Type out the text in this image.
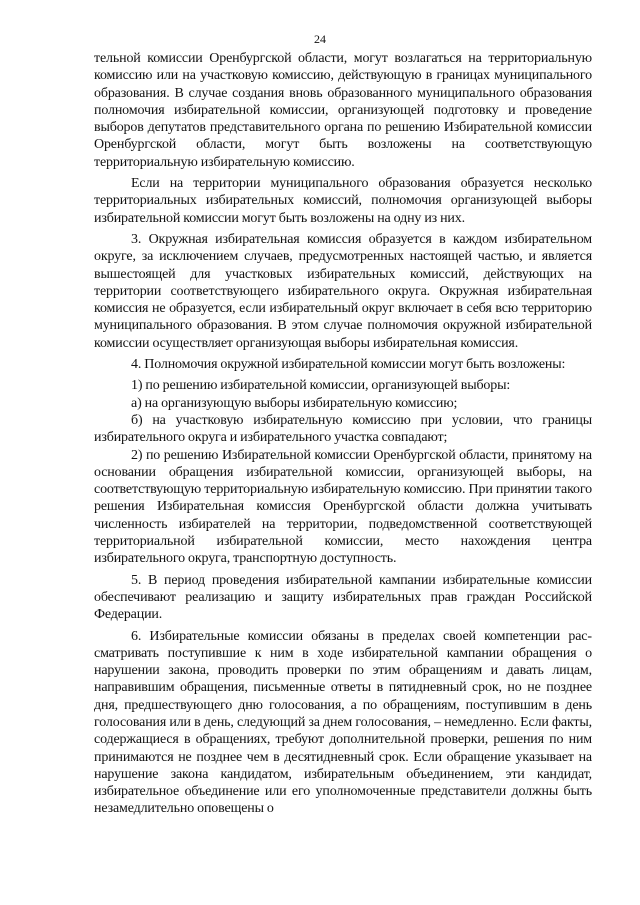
24

тельной комиссии Оренбургской области, могут возлагаться на территориальную комиссию или на участковую комиссию, действующую в границах муниципального образования. В случае создания вновь образованного муниципального образования полномочия избирательной комиссии, организующей подготовку и проведение выборов депутатов представительного органа по решению Избирательной комиссии Оренбургской области, могут быть возложены на соответствующую территориальную избирательную комиссию.

Если на территории муниципального образования образуется несколько территориальных избирательных комиссий, полномочия организующей выборы избирательной комиссии могут быть возложены на одну из них.

3. Окружная избирательная комиссия образуется в каждом избирательном округе, за исключением случаев, предусмотренных настоящей частью, и является вышестоящей для участковых избирательных комиссий, действующих на территории соответствующего избирательного округа. Окружная избирательная комиссия не образуется, если избирательный округ включает в себя всю территорию муниципального образования. В этом случае полномочия окружной избирательной комиссии осуществляет организующая выборы избирательная комиссия.

4. Полномочия окружной избирательной комиссии могут быть возложены:

1) по решению избирательной комиссии, организующей выборы:

а) на организующую выборы избирательную комиссию;

б) на участковую избирательную комиссию при условии, что границы избирательного округа и избирательного участка совпадают;

2) по решению Избирательной комиссии Оренбургской области, принятому на основании обращения избирательной комиссии, организующей выборы, на соответствующую территориальную избирательную комиссию. При принятии такого решения Избирательная комиссия Оренбургской области должна учитывать численность избирателей на территории, подведомственной соответствующей территориальной избирательной комиссии, место нахождения центра избирательного округа, транспортную доступность.

5. В период проведения избирательной кампании избирательные комиссии обеспечивают реализацию и защиту избирательных прав граждан Российской Федерации.

6. Избирательные комиссии обязаны в пределах своей компетенции рассматривать поступившие к ним в ходе избирательной кампании обращения о нарушении закона, проводить проверки по этим обращениям и давать лицам, направившим обращения, письменные ответы в пятидневный срок, но не позднее дня, предшествующего дню голосования, а по обращениям, поступившим в день голосования или в день, следующий за днем голосования, – немедленно. Если факты, содержащиеся в обращениях, требуют дополнительной проверки, решения по ним принимаются не позднее чем в десятидневный срок. Если обращение указывает на нарушение закона кандидатом, избирательным объединением, эти кандидат, избирательное объединение или его уполномоченные представители должны быть незамедлительно оповещены о
